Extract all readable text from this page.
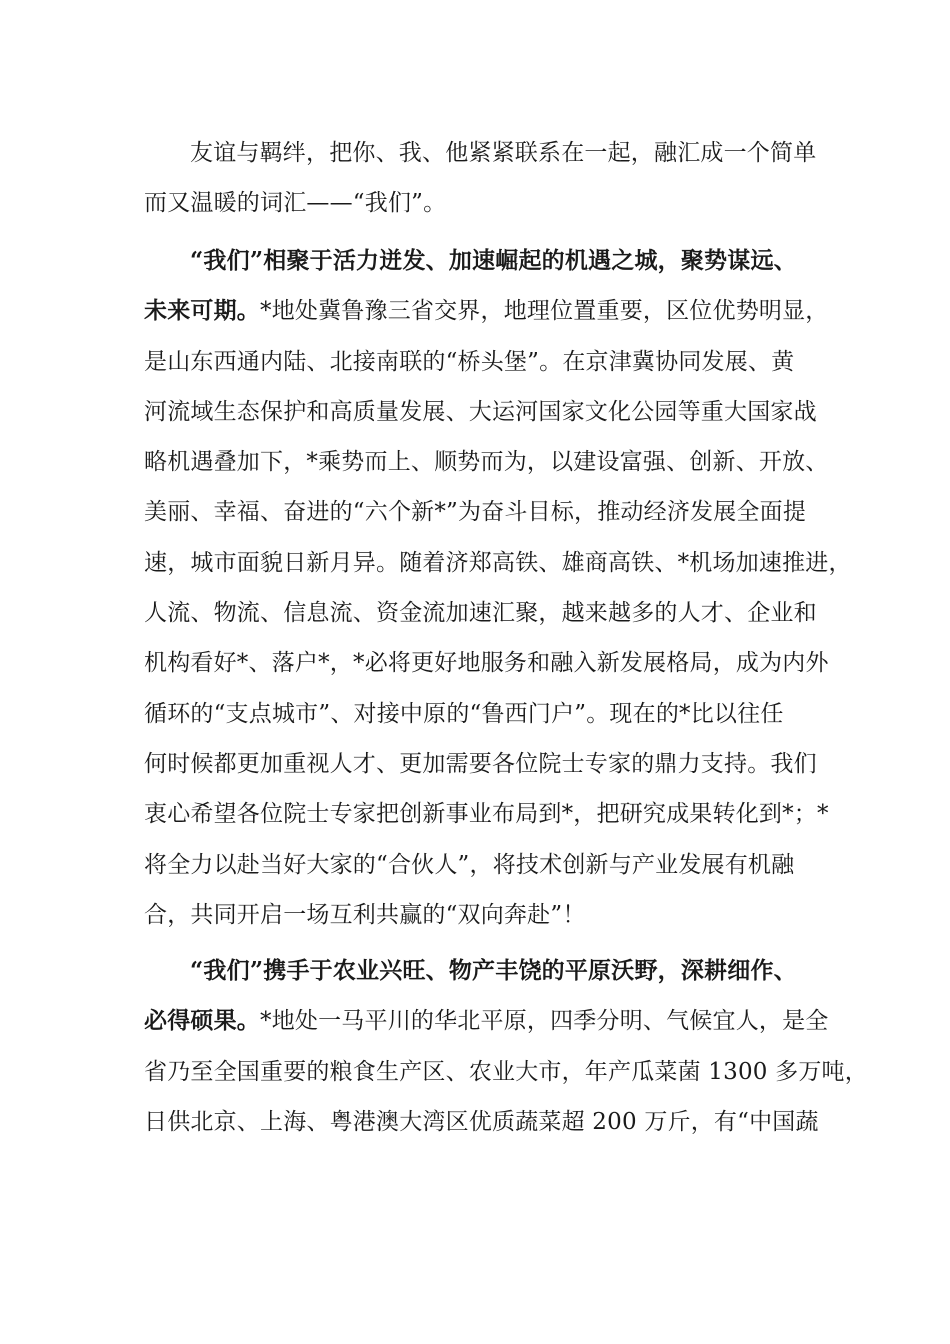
友谊与羁绊，把你、我、他紧紧联系在一起，融汇成一个简单
而又温暖的词汇——“我们”。
“我们”相聚于活力迸发、加速崛起的机遇之城，聚势谋远、
未来可期。*地处冀鲁豫三省交界，地理位置重要，区位优势明显，
是山东西通内陆、北接南联的“桥头堡”。在京津冀协同发展、黄
河流域生态保护和高质量发展、大运河国家文化公园等重大国家战
略机遇叠加下，*乘势而上、顺势而为，以建设富强、创新、开放、
美丽、幸福、奋进的“六个新*”为奋斗目标，推动经济发展全面提
速，城市面貌日新月异。随着济郑高铁、雄商高铁、*机场加速推进，
人流、物流、信息流、资金流加速汇聚，越来越多的人才、企业和
机构看好*、落户*，*必将更好地服务和融入新发展格局，成为内外
循环的“支点城市”、对接中原的“鲁西门户”。现在的*比以往任
何时候都更加重视人才、更加需要各位院士专家的鼎力支持。我们
衷心希望各位院士专家把创新事业布局到*，把研究成果转化到*；*
将全力以赴当好大家的“合伙人”，将技术创新与产业发展有机融
合，共同开启一场互利共赢的“双向奔赴”！
“我们”携手于农业兴旺、物产丰饶的平原沃野，深耕细作、
必得硕果。*地处一马平川的华北平原，四季分明、气候宜人，是全
省乃至全国重要的粮食生产区、农业大市，年产瓜菜菌 1300 多万吨，
日供北京、上海、粤港澳大湾区优质蔬菜超 200 万斤，有“中国蔬
